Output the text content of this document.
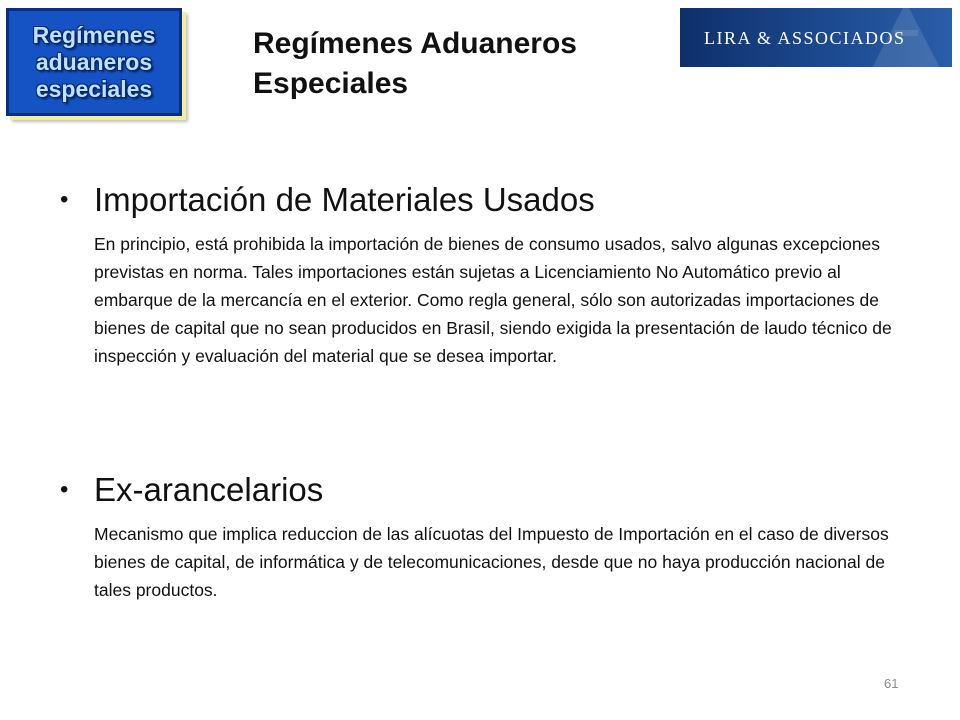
Regímenes
aduaneros
especiales
Regímenes Aduaneros
Especiales
LIRA & ASSOCIADOS
• Importación de Materiales Usados
En principio, está prohibida la importación de bienes de consumo usados, salvo algunas excepciones previstas en norma. Tales importaciones están sujetas a Licenciamiento No Automático previo al embarque de la mercancía en el exterior. Como regla general, sólo son autorizadas importaciones de bienes de capital que no sean producidos en Brasil, siendo exigida la presentación de laudo técnico de inspección y evaluación del material que se desea importar.
• Ex-arancelarios
Mecanismo que implica reduccion de las alícuotas del Impuesto de Importación en el caso de diversos bienes de capital, de informática y de telecomunicaciones, desde que no haya producción nacional de tales productos.
61
